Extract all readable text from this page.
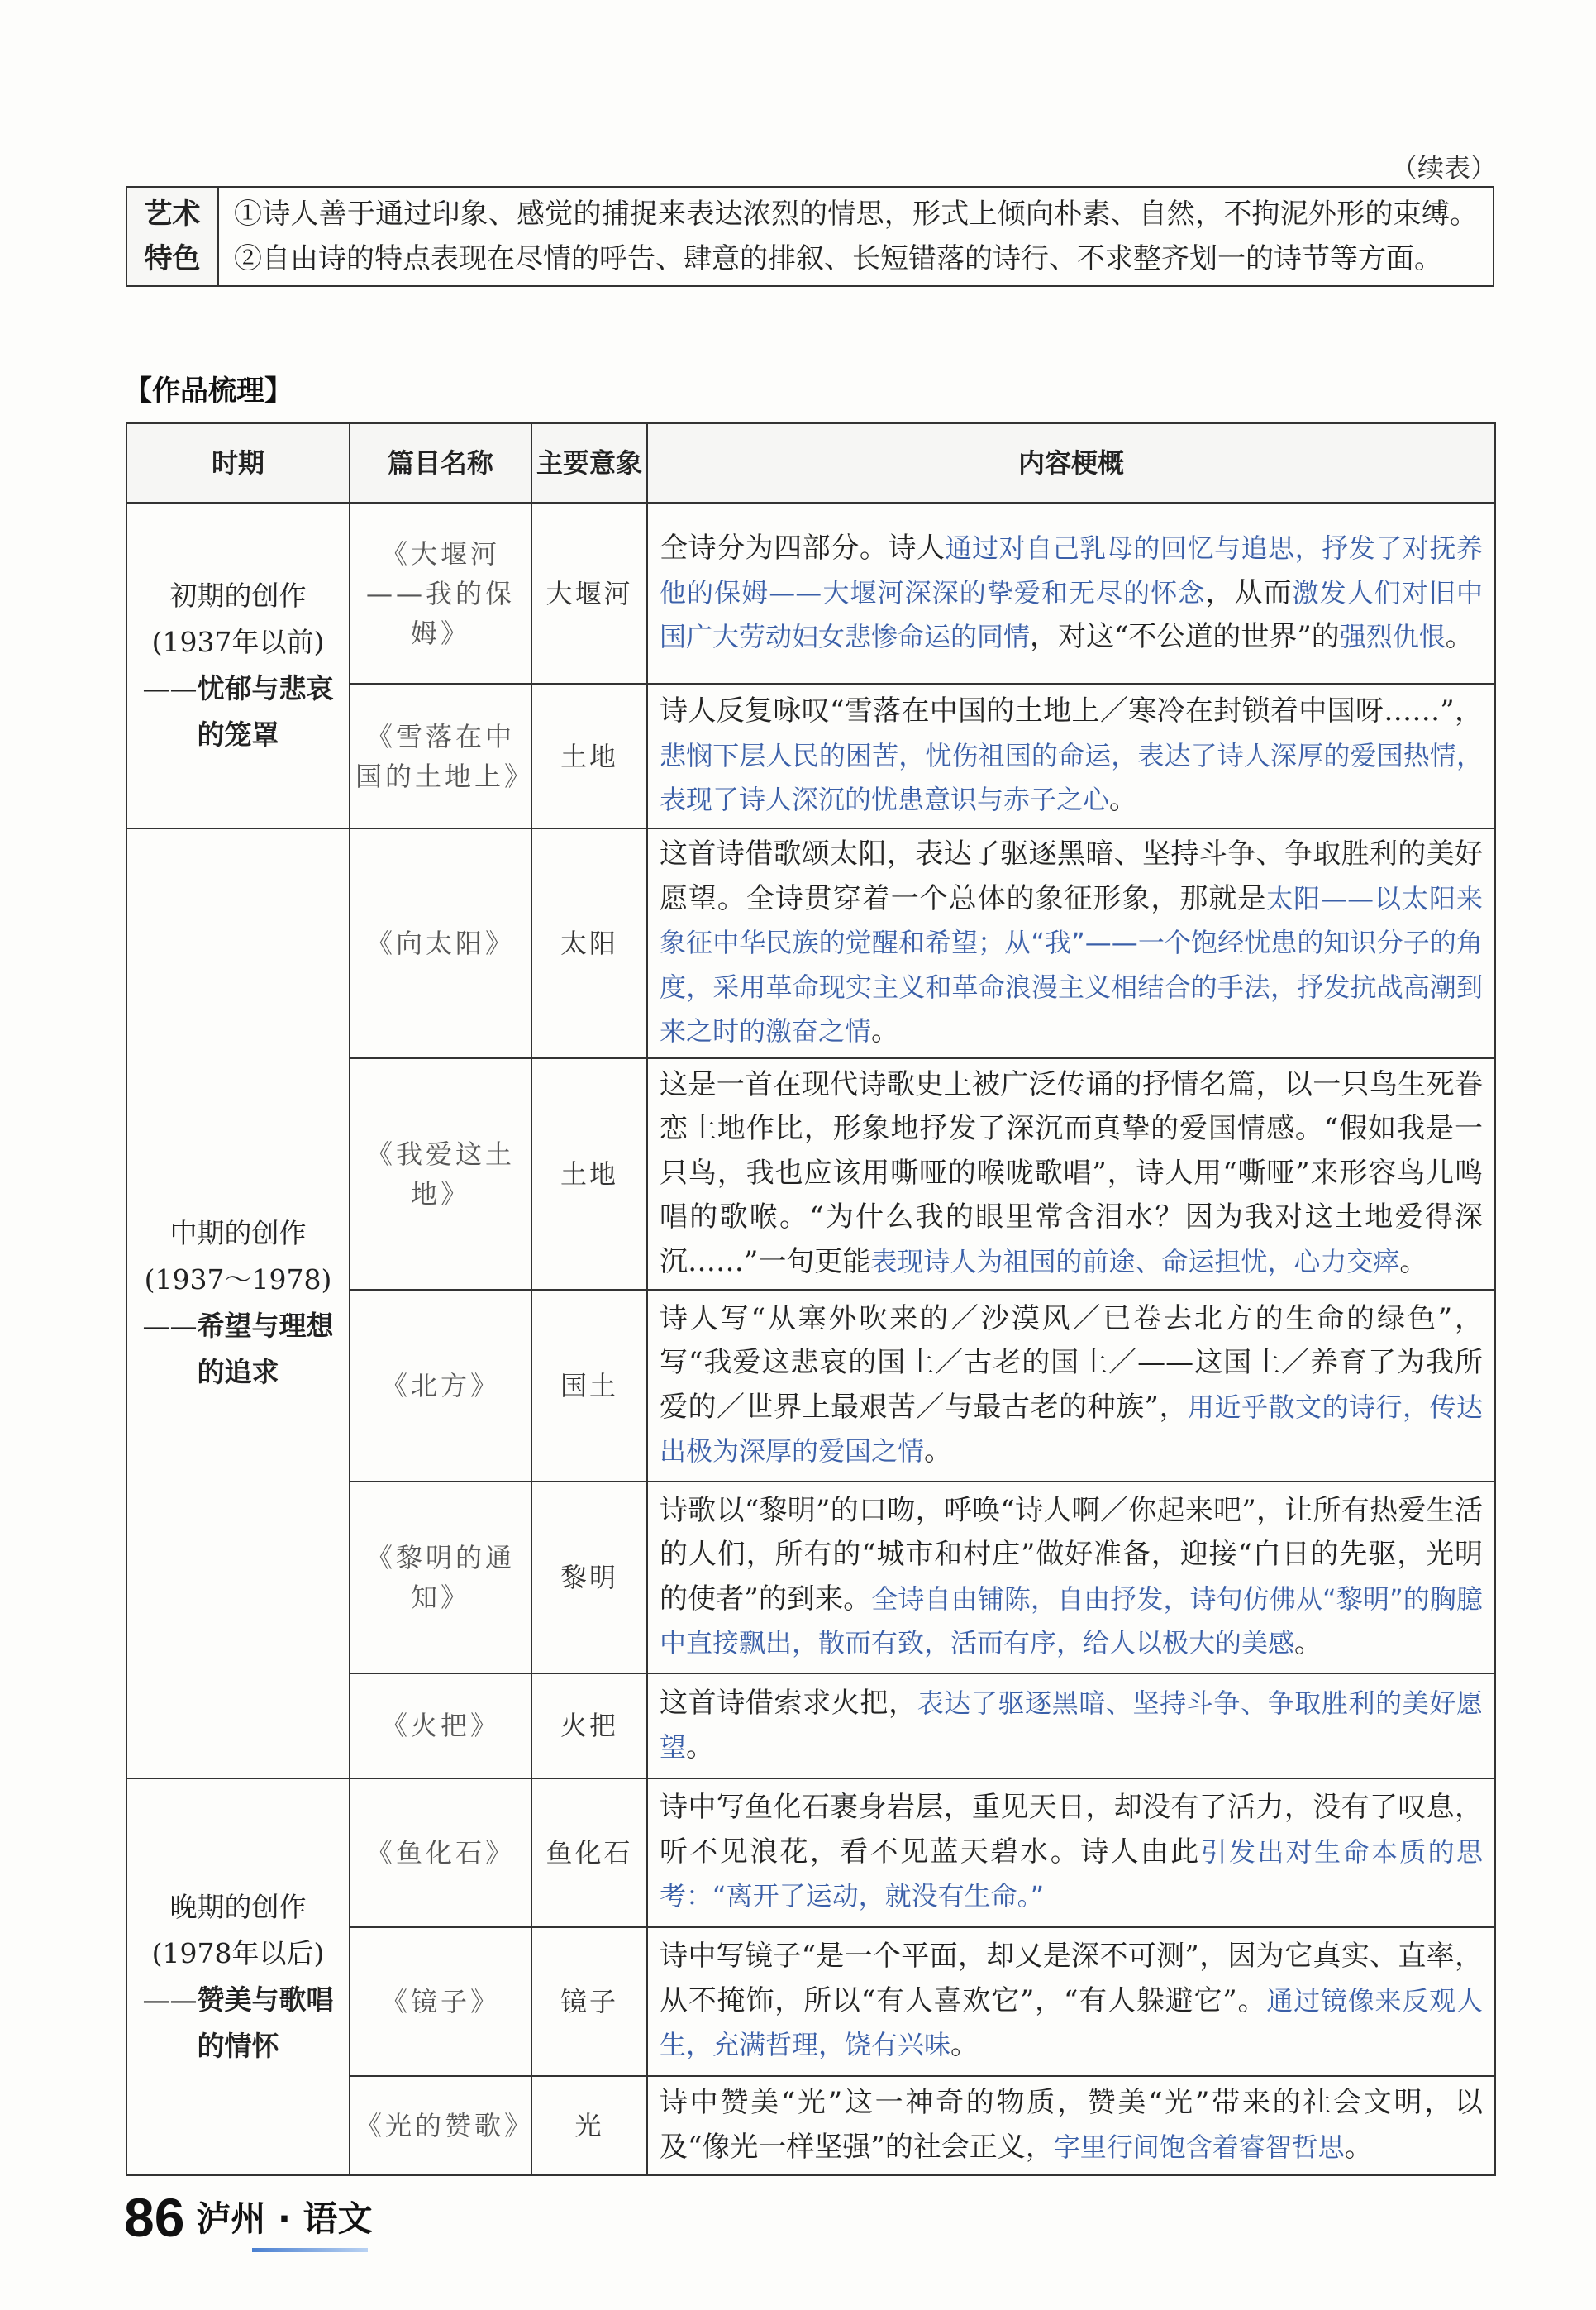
（续表）
艺术
特色
	①诗人善于通过印象、感觉的捕捉来表达浓烈的情思，形式上倾向朴素、自然，不拘泥外形的束缚。②自由诗的特点表现在尽情的呼告、肆意的排叙、长短错落的诗行、不求整齐划一的诗节等方面。
【作品梳理】
时期	篇目名称	主要意象	内容梗概
初期的创作(1937年以前)——忧郁与悲哀的笼罩	《大堰河——我的保姆》	大堰河	全诗分为四部分。诗人通过对自己乳母的回忆与追思，抒发了对抚养他的保姆——大堰河深深的挚爱和无尽的怀念，从而激发人们对旧中国广大劳动妇女悲惨命运的同情，对这“不公道的世界”的强烈仇恨。
	《雪落在中国的土地上》	土地	诗人反复咏叹“雪落在中国的土地上／寒冷在封锁着中国呀……”，悲悯下层人民的困苦，忧伤祖国的命运，表达了诗人深厚的爱国热情，表现了诗人深沉的忧患意识与赤子之心。
中期的创作(1937～1978)——希望与理想的追求	《向太阳》	太阳	这首诗借歌颂太阳，表达了驱逐黑暗、坚持斗争、争取胜利的美好愿望。全诗贯穿着一个总体的象征形象，那就是太阳——以太阳来象征中华民族的觉醒和希望；从“我”——一个饱经忧患的知识分子的角度，采用革命现实主义和革命浪漫主义相结合的手法，抒发抗战高潮到来之时的激奋之情。
	《我爱这土地》	土地	这是一首在现代诗歌史上被广泛传诵的抒情名篇，以一只鸟生死眷恋土地作比，形象地抒发了深沉而真挚的爱国情感。“假如我是一只鸟，我也应该用嘶哑的喉咙歌唱”，诗人用“嘶哑”来形容鸟儿鸣唱的歌喉。“为什么我的眼里常含泪水？因为我对这土地爱得深沉……”一句更能表现诗人为祖国的前途、命运担忧，心力交瘁。
	《北方》	国土	诗人写“从塞外吹来的／沙漠风／已卷去北方的生命的绿色”，写“我爱这悲哀的国土／古老的国土／——这国土／养育了为我所爱的／世界上最艰苦／与最古老的种族”，用近乎散文的诗行，传达出极为深厚的爱国之情。
	《黎明的通知》	黎明	诗歌以“黎明”的口吻，呼唤“诗人啊／你起来吧”，让所有热爱生活的人们，所有的“城市和村庄”做好准备，迎接“白日的先驱，光明的使者”的到来。全诗自由铺陈，自由抒发，诗句仿佛从“黎明”的胸臆中直接飘出，散而有致，活而有序，给人以极大的美感。
	《火把》	火把	这首诗借索求火把，表达了驱逐黑暗、坚持斗争、争取胜利的美好愿望。
晚期的创作(1978年以后)——赞美与歌唱的情怀	《鱼化石》	鱼化石	诗中写鱼化石裹身岩层，重见天日，却没有了活力，没有了叹息，听不见浪花，看不见蓝天碧水。诗人由此引发出对生命本质的思考：“离开了运动，就没有生命。”
	《镜子》	镜子	诗中写镜子“是一个平面，却又是深不可测”，因为它真实、直率，从不掩饰，所以“有人喜欢它”，“有人躲避它”。通过镜像来反观人生，充满哲理，饶有兴味。
	《光的赞歌》	光	诗中赞美“光”这一神奇的物质，赞美“光”带来的社会文明，以及“像光一样坚强”的社会正义，字里行间饱含着睿智哲思。
86 泸州 · 语文
